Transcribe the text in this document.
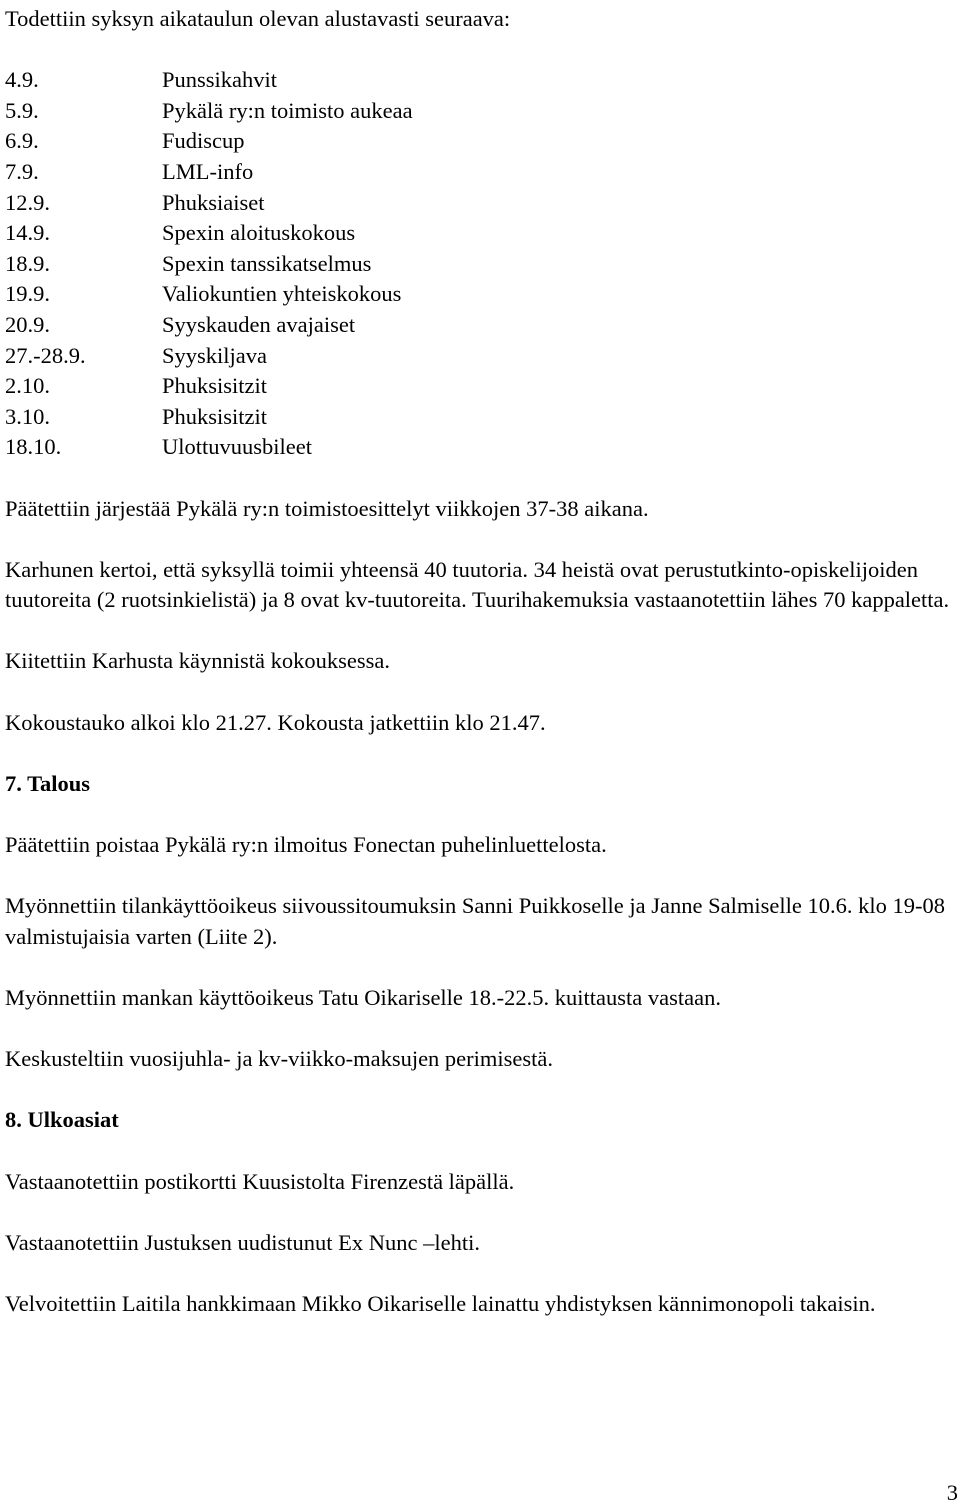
Todettiin syksyn aikataulun olevan alustavasti seuraava:
4.9.	Punssikahvit
5.9.	Pykälä ry:n toimisto aukeaa
6.9.	Fudiscup
7.9.	LML-info
12.9.	Phuksiaiset
14.9.	Spexin aloituskokous
18.9.	Spexin tanssikatselmus
19.9.	Valiokuntien yhteiskokous
20.9.	Syyskauden avajaiset
27.-28.9.	Syyskiljava
2.10.	Phuksisitzit
3.10.	Phuksisitzit
18.10.	Ulottuvuusbileet
Päätettiin järjestää Pykälä ry:n toimistoesittelyt viikkojen 37-38 aikana.
Karhunen kertoi, että syksyllä toimii yhteensä 40 tuutoria. 34 heistä ovat perustutkinto-opiskelijoiden tuutoreita (2 ruotsinkielistä) ja 8 ovat kv-tuutoreita. Tuurihakemuksia vastaanotettiin lähes 70 kappaletta.
Kiitettiin Karhusta käynnistä kokouksessa.
Kokoustauko alkoi klo 21.27. Kokousta jatkettiin klo 21.47.
7. Talous
Päätettiin poistaa Pykälä ry:n ilmoitus Fonectan puhelinluettelosta.
Myönnettiin tilankäyttöoikeus siivoussitoumuksin Sanni Puikkoselle ja Janne Salmiselle 10.6. klo 19-08 valmistujaisia varten (Liite 2).
Myönnettiin mankan käyttöoikeus Tatu Oikariselle 18.-22.5. kuittausta vastaan.
Keskusteltiin vuosijuhla- ja kv-viikko-maksujen perimisestä.
8. Ulkoasiat
Vastaanotettiin postikortti Kuusistolta Firenzestä läpällä.
Vastaanotettiin Justuksen uudistunut Ex Nunc –lehti.
Velvoitettiin Laitila hankkimaan Mikko Oikariselle lainattu yhdistyksen kännimonopoli takaisin.
3
